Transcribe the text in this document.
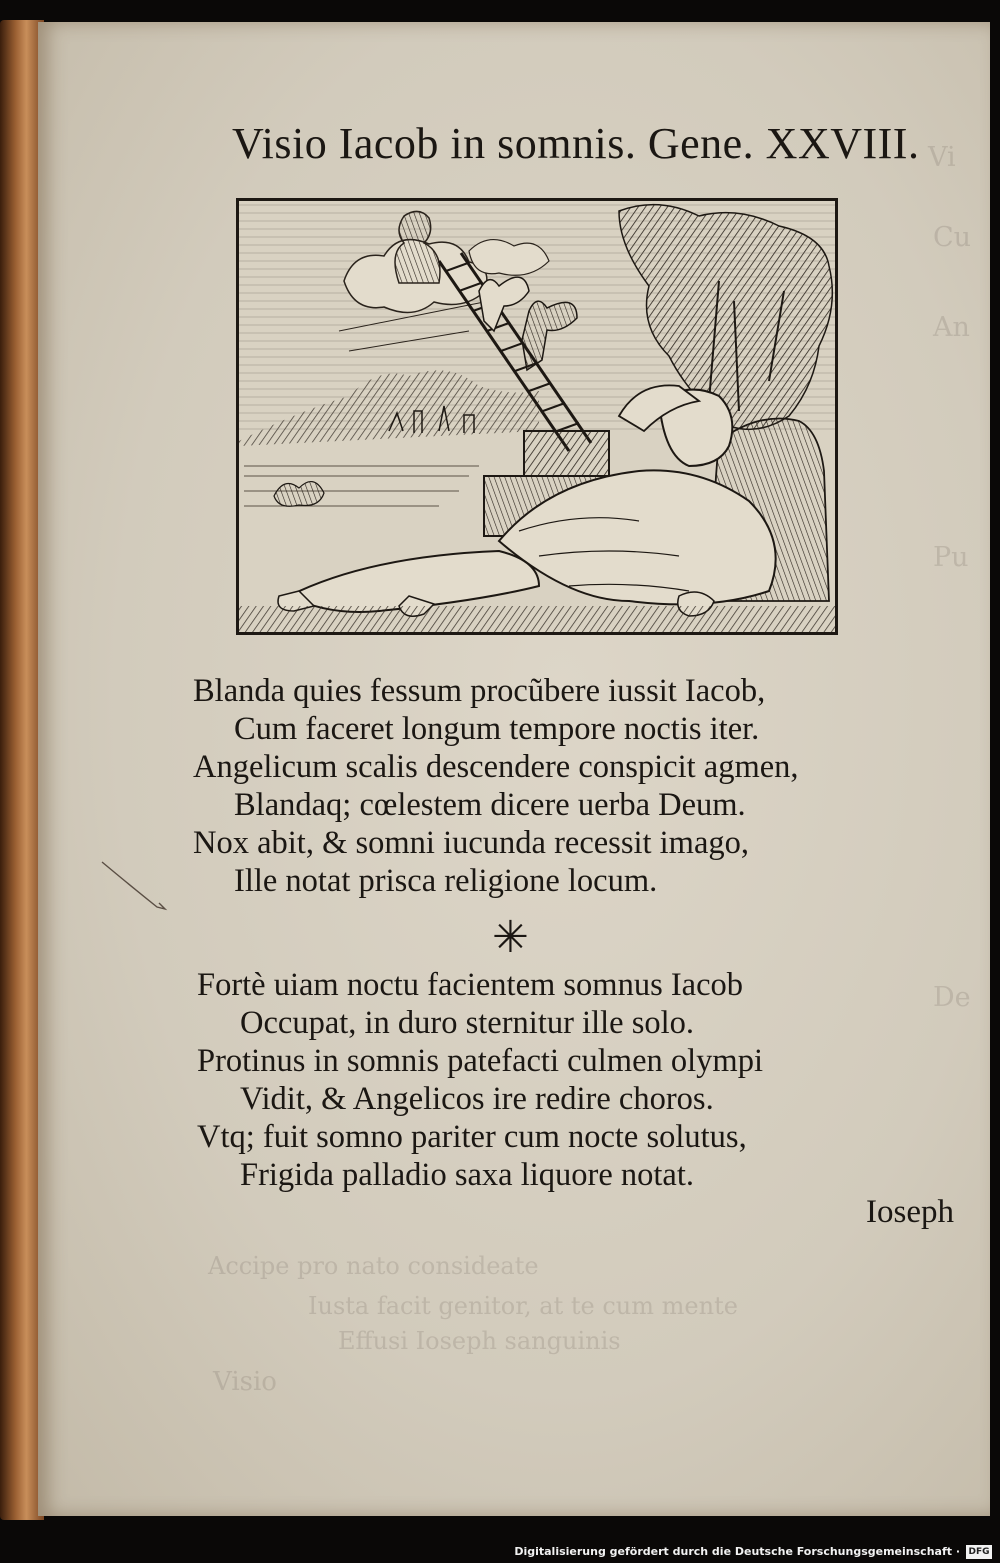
Vi
Cu
An
Pu
De
Accipe pro nato consideate
Iusta facit genitor, at te cum mente
Effusi Ioseph sanguinis
Visio
Visio Iacob in somnis. Gene. XXVIII.

Blanda quies fessum procũbere iussit Iacob,

Cum faceret longum tempore noctis iter.

Angelicum scalis descendere conspicit agmen,

Blandaq; cœlestem dicere uerba Deum.

Nox abit, & somni iucunda recessit imago,

Ille notat prisca religione locum.

✳

Fortè uiam noctu facientem somnus Iacob

Occupat, in duro sternitur ille solo.

Protinus in somnis patefacti culmen olympi

Vidit, & Angelicos ire redire choros.

Vtq; fuit somno pariter cum nocte solutus,

Frigida palladio saxa liquore notat.

Ioseph

Digitalisierung gefördert durch die Deutsche Forschungsgemeinschaft · DFG
